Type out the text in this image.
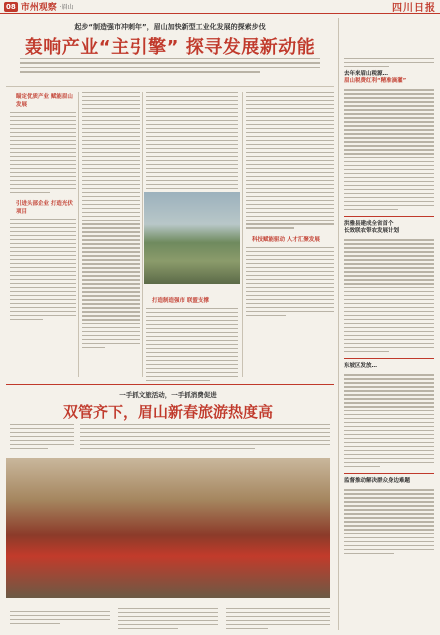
08 市州观察 ·眉山	四川日报
起步“制造强市冲刺年”，眉山加快新型工业化发展的探索步伐
轰响产业“主引擎” 探寻发展新动能
瞄定优质产业 赋能眉山发展
引进头部企业 打造光伏项目
打造制造强市 联盟支撑
科技赋能驱动 人才汇聚发展
去年来眉山税源…
眉山税费红利“精准滴灌”
洪雅县建成全省首个
长效联农带农发展计划
东坡区发放…
监督推动解决群众身边难题
一手抓文旅活动，一手抓消费促进
双管齐下，眉山新春旅游热度高
